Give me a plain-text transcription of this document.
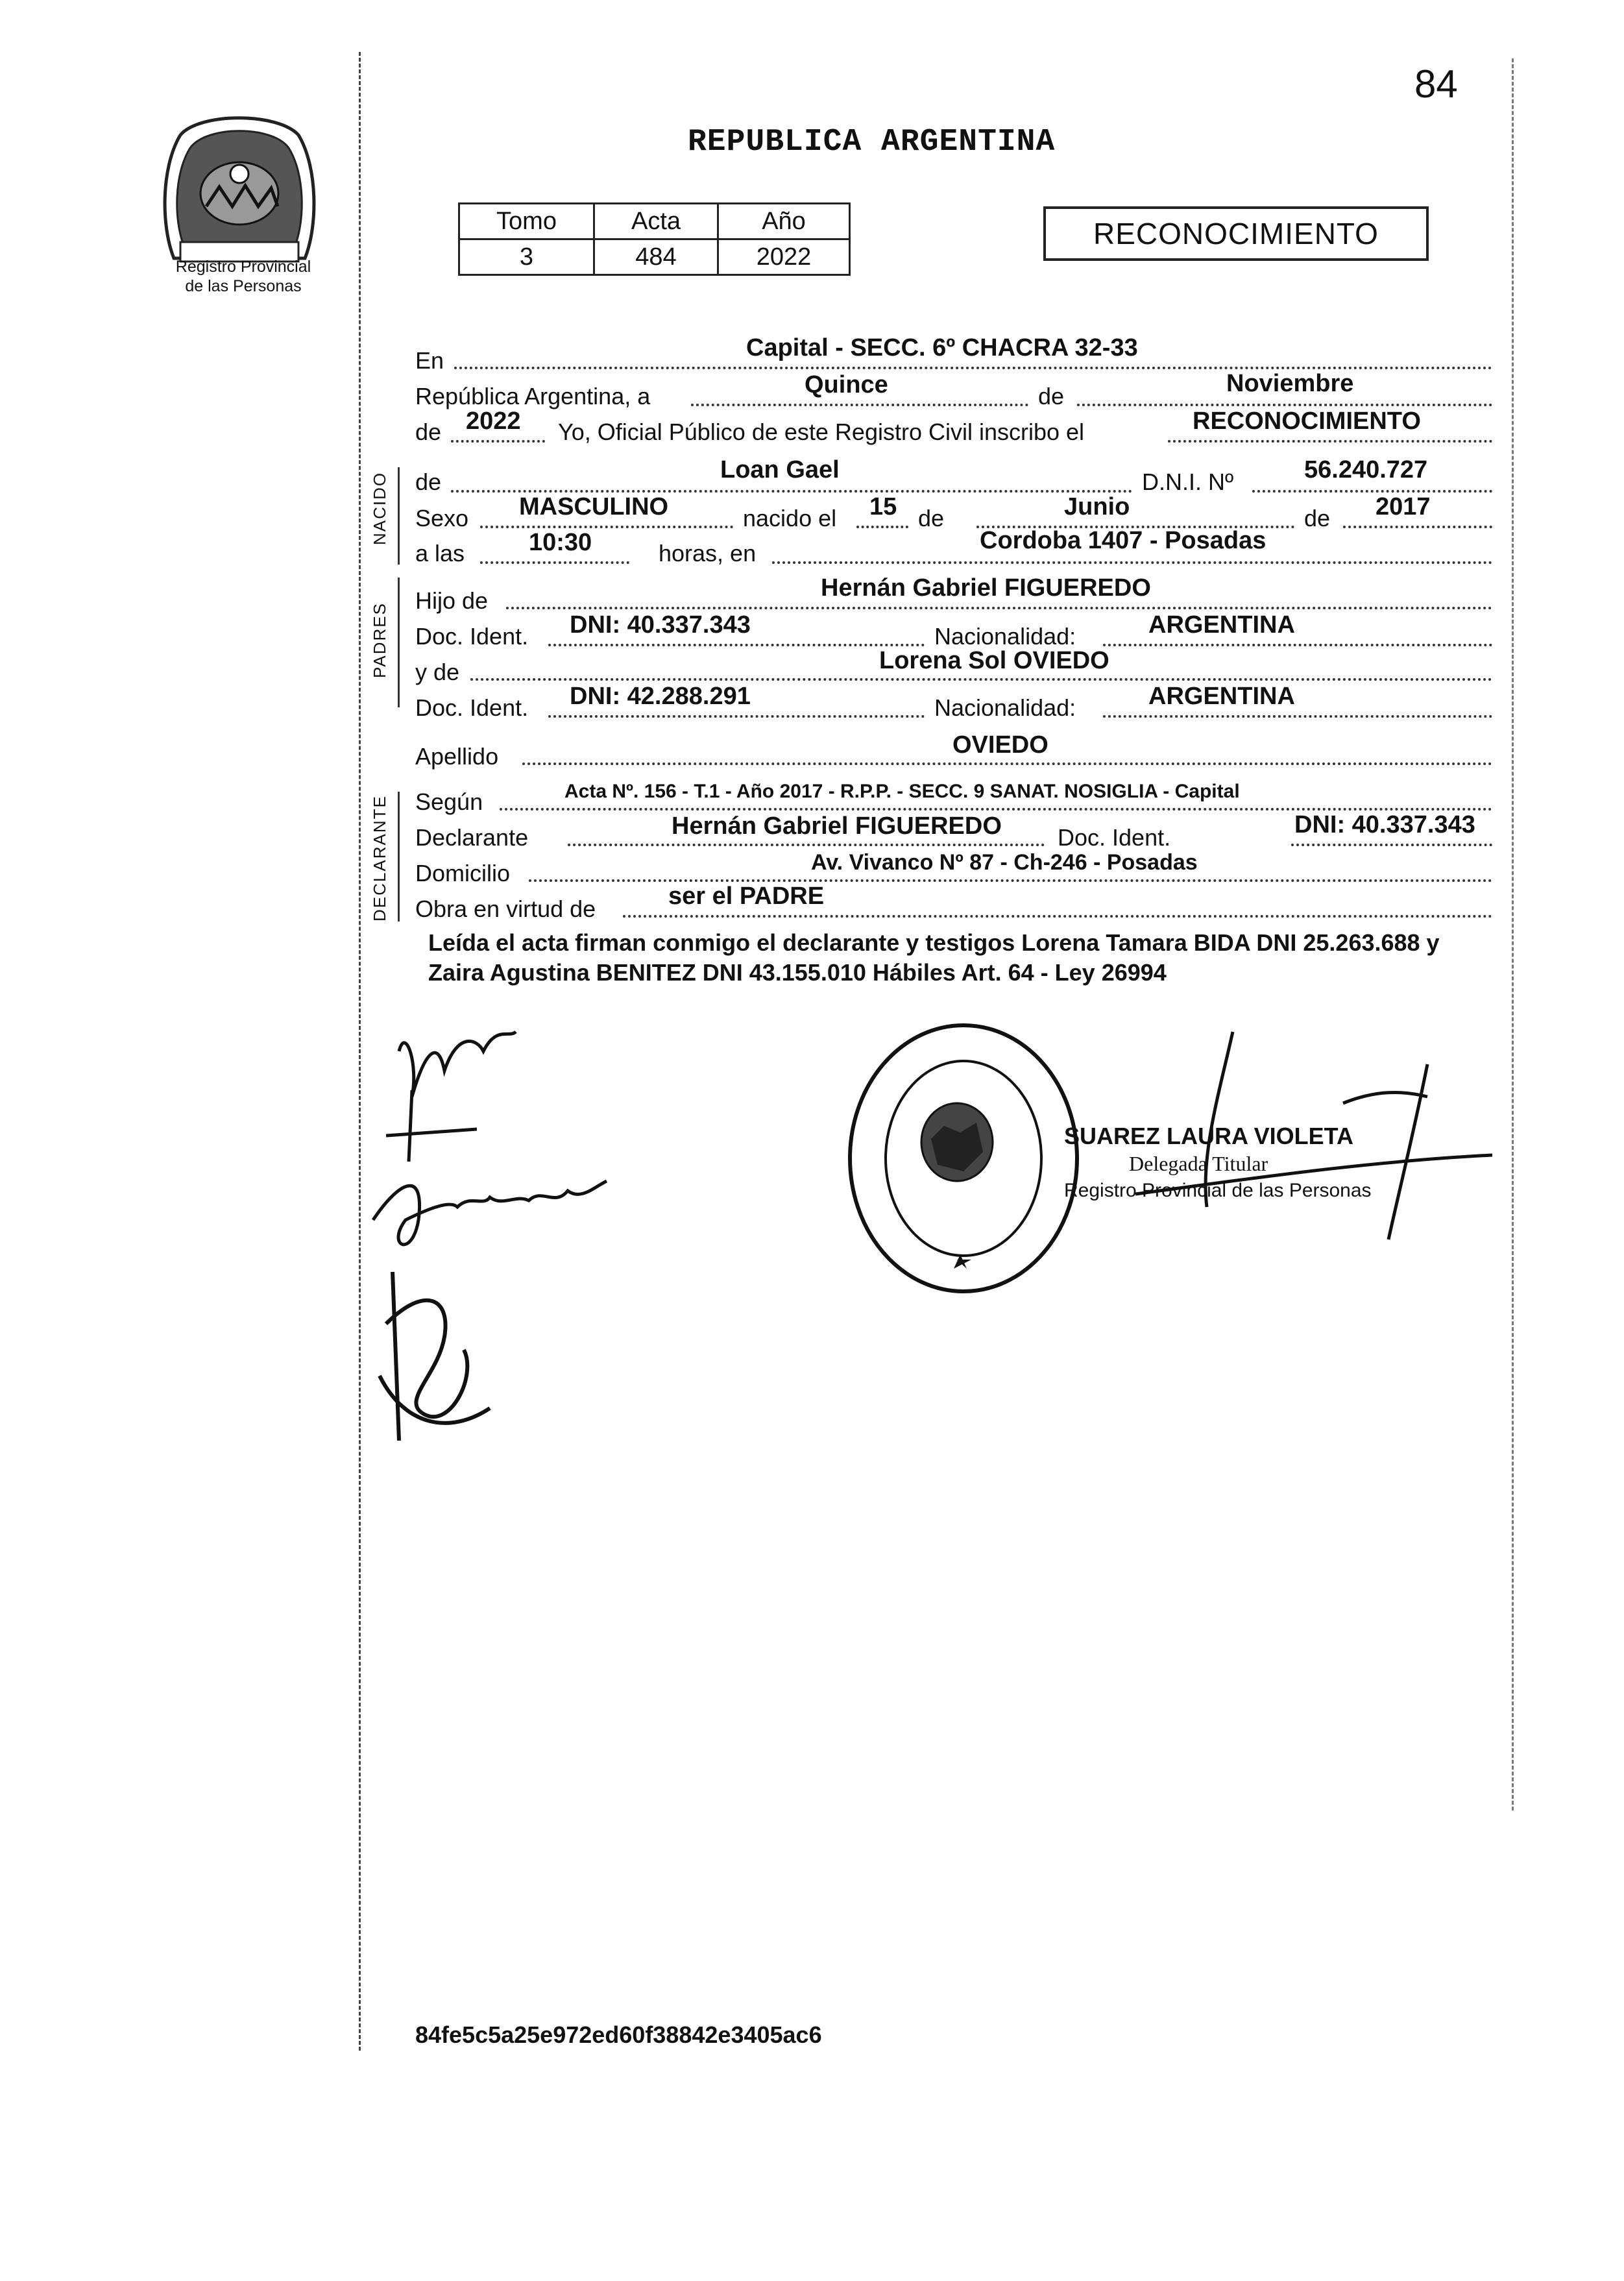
84
Registro Provincial
de las Personas
REPUBLICA ARGENTINA
Tomo	Acta	Año
3	484	2022
RECONOCIMIENTO
En	Capital - SECC. 6º CHACRA 32-33
República Argentina, a	Quince	de	Noviembre
de 2022 Yo, Oficial Público de este Registro Civil inscribo el	RECONOCIMIENTO
NACIDO de	Loan Gael	D.N.I. Nº	56.240.727
Sexo MASCULINO	nacido el 15 de	Junio	de 2017
a las	10:30	horas, en	Cordoba 1407 - Posadas
PADRES
Hijo de	Hernán Gabriel FIGUEREDO
Doc. Ident. DNI: 40.337.343	Nacionalidad:	ARGENTINA
y de	Lorena Sol OVIEDO
Doc. Ident. DNI: 42.288.291	Nacionalidad:	ARGENTINA
Apellido	OVIEDO
DECLARANTE Según	Acta Nº. 156 - T.1 - Año 2017 - R.P.P. - SECC. 9 SANAT. NOSIGLIA - Capital
Declarante	Hernán Gabriel FIGUEREDO Doc. Ident.	DNI: 40.337.343
Domicilio	Av. Vivanco Nº 87 - Ch-246 - Posadas
Obra en virtud de	ser el PADRE
Leída el acta firman conmigo el declarante y testigos Lorena Tamara BIDA DNI 25.263.688 y Zaira Agustina BENITEZ DNI 43.155.010 Hábiles Art. 64 - Ley 26994
SUAREZ LAURA VIOLETA
Delegada Titular
Registro Provincial de las Personas
84fe5c5a25e972ed60f38842e3405ac6
